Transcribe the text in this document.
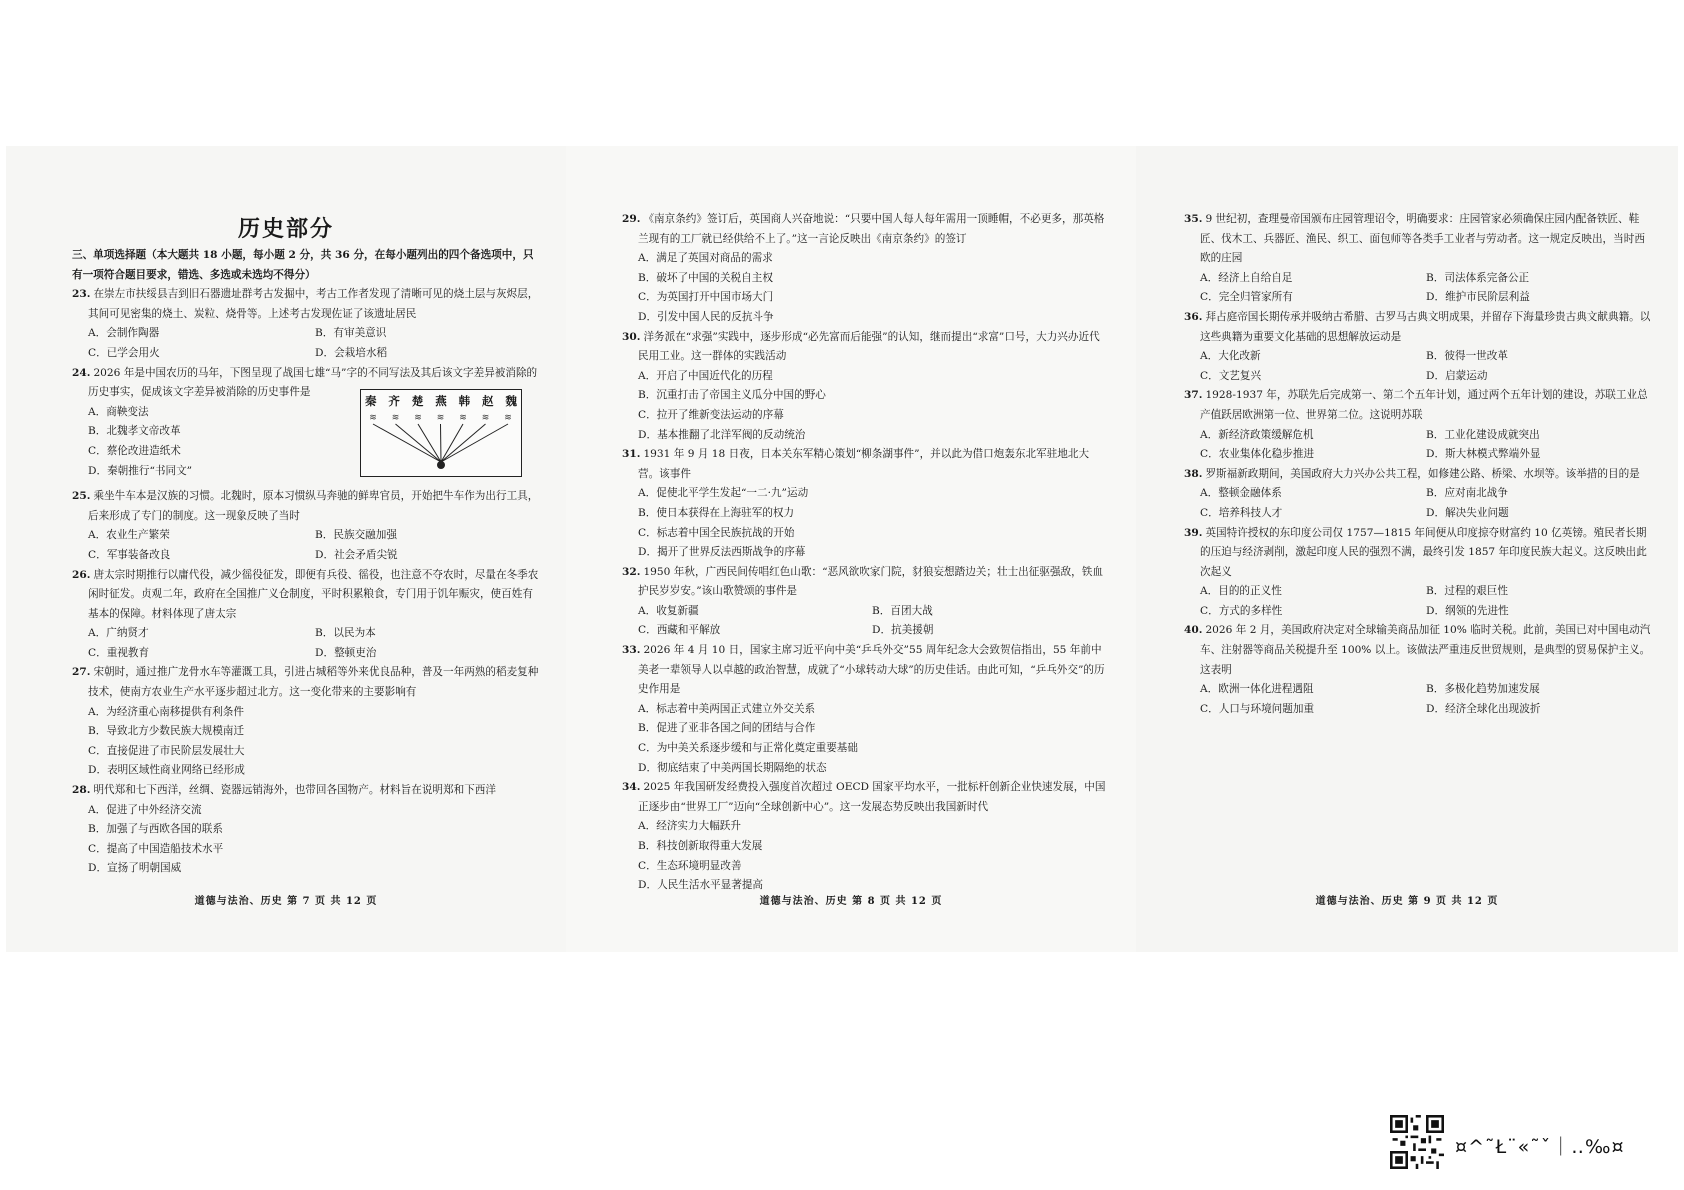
历史部分
三、单项选择题（本大题共 18 小题，每小题 2 分，共 36 分，在每小题列出的四个备选项中，只有一项符合题目要求，错选、多选或未选均不得分）
23. 在崇左市扶绥县吉到旧石器遗址群考古发掘中，考古工作者发现了清晰可见的烧土层与灰烬层，其间可见密集的烧土、炭粒、烧骨等。上述考古发现佐证了该遗址居民
A．会制作陶器	B．有审美意识
C．已学会用火	D．会栽培水稻
24. 2026 年是中国农历的马年，下图呈现了战国七雄“马”字的不同写法及其后该文字差异被消除的历史事实，促成该文字差异被消除的历史事件是
A．商鞅变法
B．北魏孝文帝改革
C．蔡伦改进造纸术
D．秦朝推行“书同文”
秦 齐 楚 燕 韩 赵 魏
≋ ≋ ≋ ≋ ≋ ≋ ≋
25. 乘坐牛车本是汉族的习惯。北魏时，原本习惯纵马奔驰的鲜卑官员，开始把牛车作为出行工具，后来形成了专门的制度。这一现象反映了当时
A．农业生产繁荣	B．民族交融加强
C．军事装备改良	D．社会矛盾尖锐
26. 唐太宗时期推行以庸代役，减少徭役征发，即便有兵役、徭役，也注意不夺农时，尽量在冬季农闲时征发。贞观二年，政府在全国推广义仓制度，平时积累粮食，专门用于饥年赈灾，使百姓有基本的保障。材料体现了唐太宗
A．广纳贤才	B．以民为本
C．重视教育	D．整顿吏治
27. 宋朝时，通过推广龙骨水车等灌溉工具，引进占城稻等外来优良品种，普及一年两熟的稻麦复种技术，使南方农业生产水平逐步超过北方。这一变化带来的主要影响有
A．为经济重心南移提供有利条件
B．导致北方少数民族大规模南迁
C．直接促进了市民阶层发展壮大
D．表明区域性商业网络已经形成
28. 明代郑和七下西洋，丝绸、瓷器远销海外，也带回各国物产。材料旨在说明郑和下西洋
A．促进了中外经济交流
B．加强了与西欧各国的联系
C．提高了中国造船技术水平
D．宣扬了明朝国威
道德与法治、历史 第 7 页 共 12 页
29. 《南京条约》签订后，英国商人兴奋地说：“只要中国人每人每年需用一顶睡帽，不必更多，那英格兰现有的工厂就已经供给不上了。”这一言论反映出《南京条约》的签订
A．满足了英国对商品的需求
B．破坏了中国的关税自主权
C．为英国打开中国市场大门
D．引发中国人民的反抗斗争
30. 洋务派在“求强”实践中，逐步形成“必先富而后能强”的认知，继而提出“求富”口号，大力兴办近代民用工业。这一群体的实践活动
A．开启了中国近代化的历程
B．沉重打击了帝国主义瓜分中国的野心
C．拉开了维新变法运动的序幕
D．基本推翻了北洋军阀的反动统治
31. 1931 年 9 月 18 日夜，日本关东军精心策划“柳条湖事件”，并以此为借口炮轰东北军驻地北大营。该事件
A．促使北平学生发起“一二·九”运动
B．使日本获得在上海驻军的权力
C．标志着中国全民族抗战的开始
D．揭开了世界反法西斯战争的序幕
32. 1950 年秋，广西民间传唱红色山歌：“恶风欲吹家门院，豺狼妄想踏边关；壮士出征驱强敌，铁血护民岁岁安。”该山歌赞颂的事件是
A．收复新疆	B．百团大战
C．西藏和平解放	D．抗美援朝
33. 2026 年 4 月 10 日，国家主席习近平向中美“乒乓外交”55 周年纪念大会致贺信指出，55 年前中美老一辈领导人以卓越的政治智慧，成就了“小球转动大球”的历史佳话。由此可知，“乒乓外交”的历史作用是
A．标志着中美两国正式建立外交关系
B．促进了亚非各国之间的团结与合作
C．为中美关系逐步缓和与正常化奠定重要基础
D．彻底结束了中美两国长期隔绝的状态
34. 2025 年我国研发经费投入强度首次超过 OECD 国家平均水平，一批标杆创新企业快速发展，中国正逐步由“世界工厂”迈向“全球创新中心”。这一发展态势反映出我国新时代
A．经济实力大幅跃升
B．科技创新取得重大发展
C．生态环境明显改善
D．人民生活水平显著提高
道德与法治、历史 第 8 页 共 12 页
35. 9 世纪初，查理曼帝国颁布庄园管理诏令，明确要求：庄园管家必须确保庄园内配备铁匠、鞋匠、伐木工、兵器匠、渔民、织工、面包师等各类手工业者与劳动者。这一规定反映出，当时西欧的庄园
A．经济上自给自足	B．司法体系完备公正
C．完全归管家所有	D．维护市民阶层利益
36. 拜占庭帝国长期传承并吸纳古希腊、古罗马古典文明成果，并留存下海量珍贵古典文献典籍。以这些典籍为重要文化基础的思想解放运动是
A．大化改新	B．彼得一世改革
C．文艺复兴	D．启蒙运动
37. 1928-1937 年，苏联先后完成第一、第二个五年计划，通过两个五年计划的建设，苏联工业总产值跃居欧洲第一位、世界第二位。这说明苏联
A．新经济政策缓解危机	B．工业化建设成就突出
C．农业集体化稳步推进	D．斯大林模式弊端外显
38. 罗斯福新政期间，美国政府大力兴办公共工程，如修建公路、桥梁、水坝等。该举措的目的是
A．整顿金融体系	B．应对南北战争
C．培养科技人才	D．解决失业问题
39. 英国特许授权的东印度公司仅 1757—1815 年间便从印度掠夺财富约 10 亿英镑。殖民者长期的压迫与经济剥削，激起印度人民的强烈不满，最终引发 1857 年印度民族大起义。这反映出此次起义
A．目的的正义性	B．过程的艰巨性
C．方式的多样性	D．纲领的先进性
40. 2026 年 2 月，美国政府决定对全球输美商品加征 10% 临时关税。此前，美国已对中国电动汽车、注射器等商品关税提升至 100% 以上。该做法严重违反世贸规则，是典型的贸易保护主义。这表明
A．欧洲一体化进程遇阻	B．多极化趋势加速发展
C．人口与环境问题加重	D．经济全球化出现波折
道德与法治、历史 第 9 页 共 12 页
¤^˜Ł¨«˜ˇ｜‥‰¤
